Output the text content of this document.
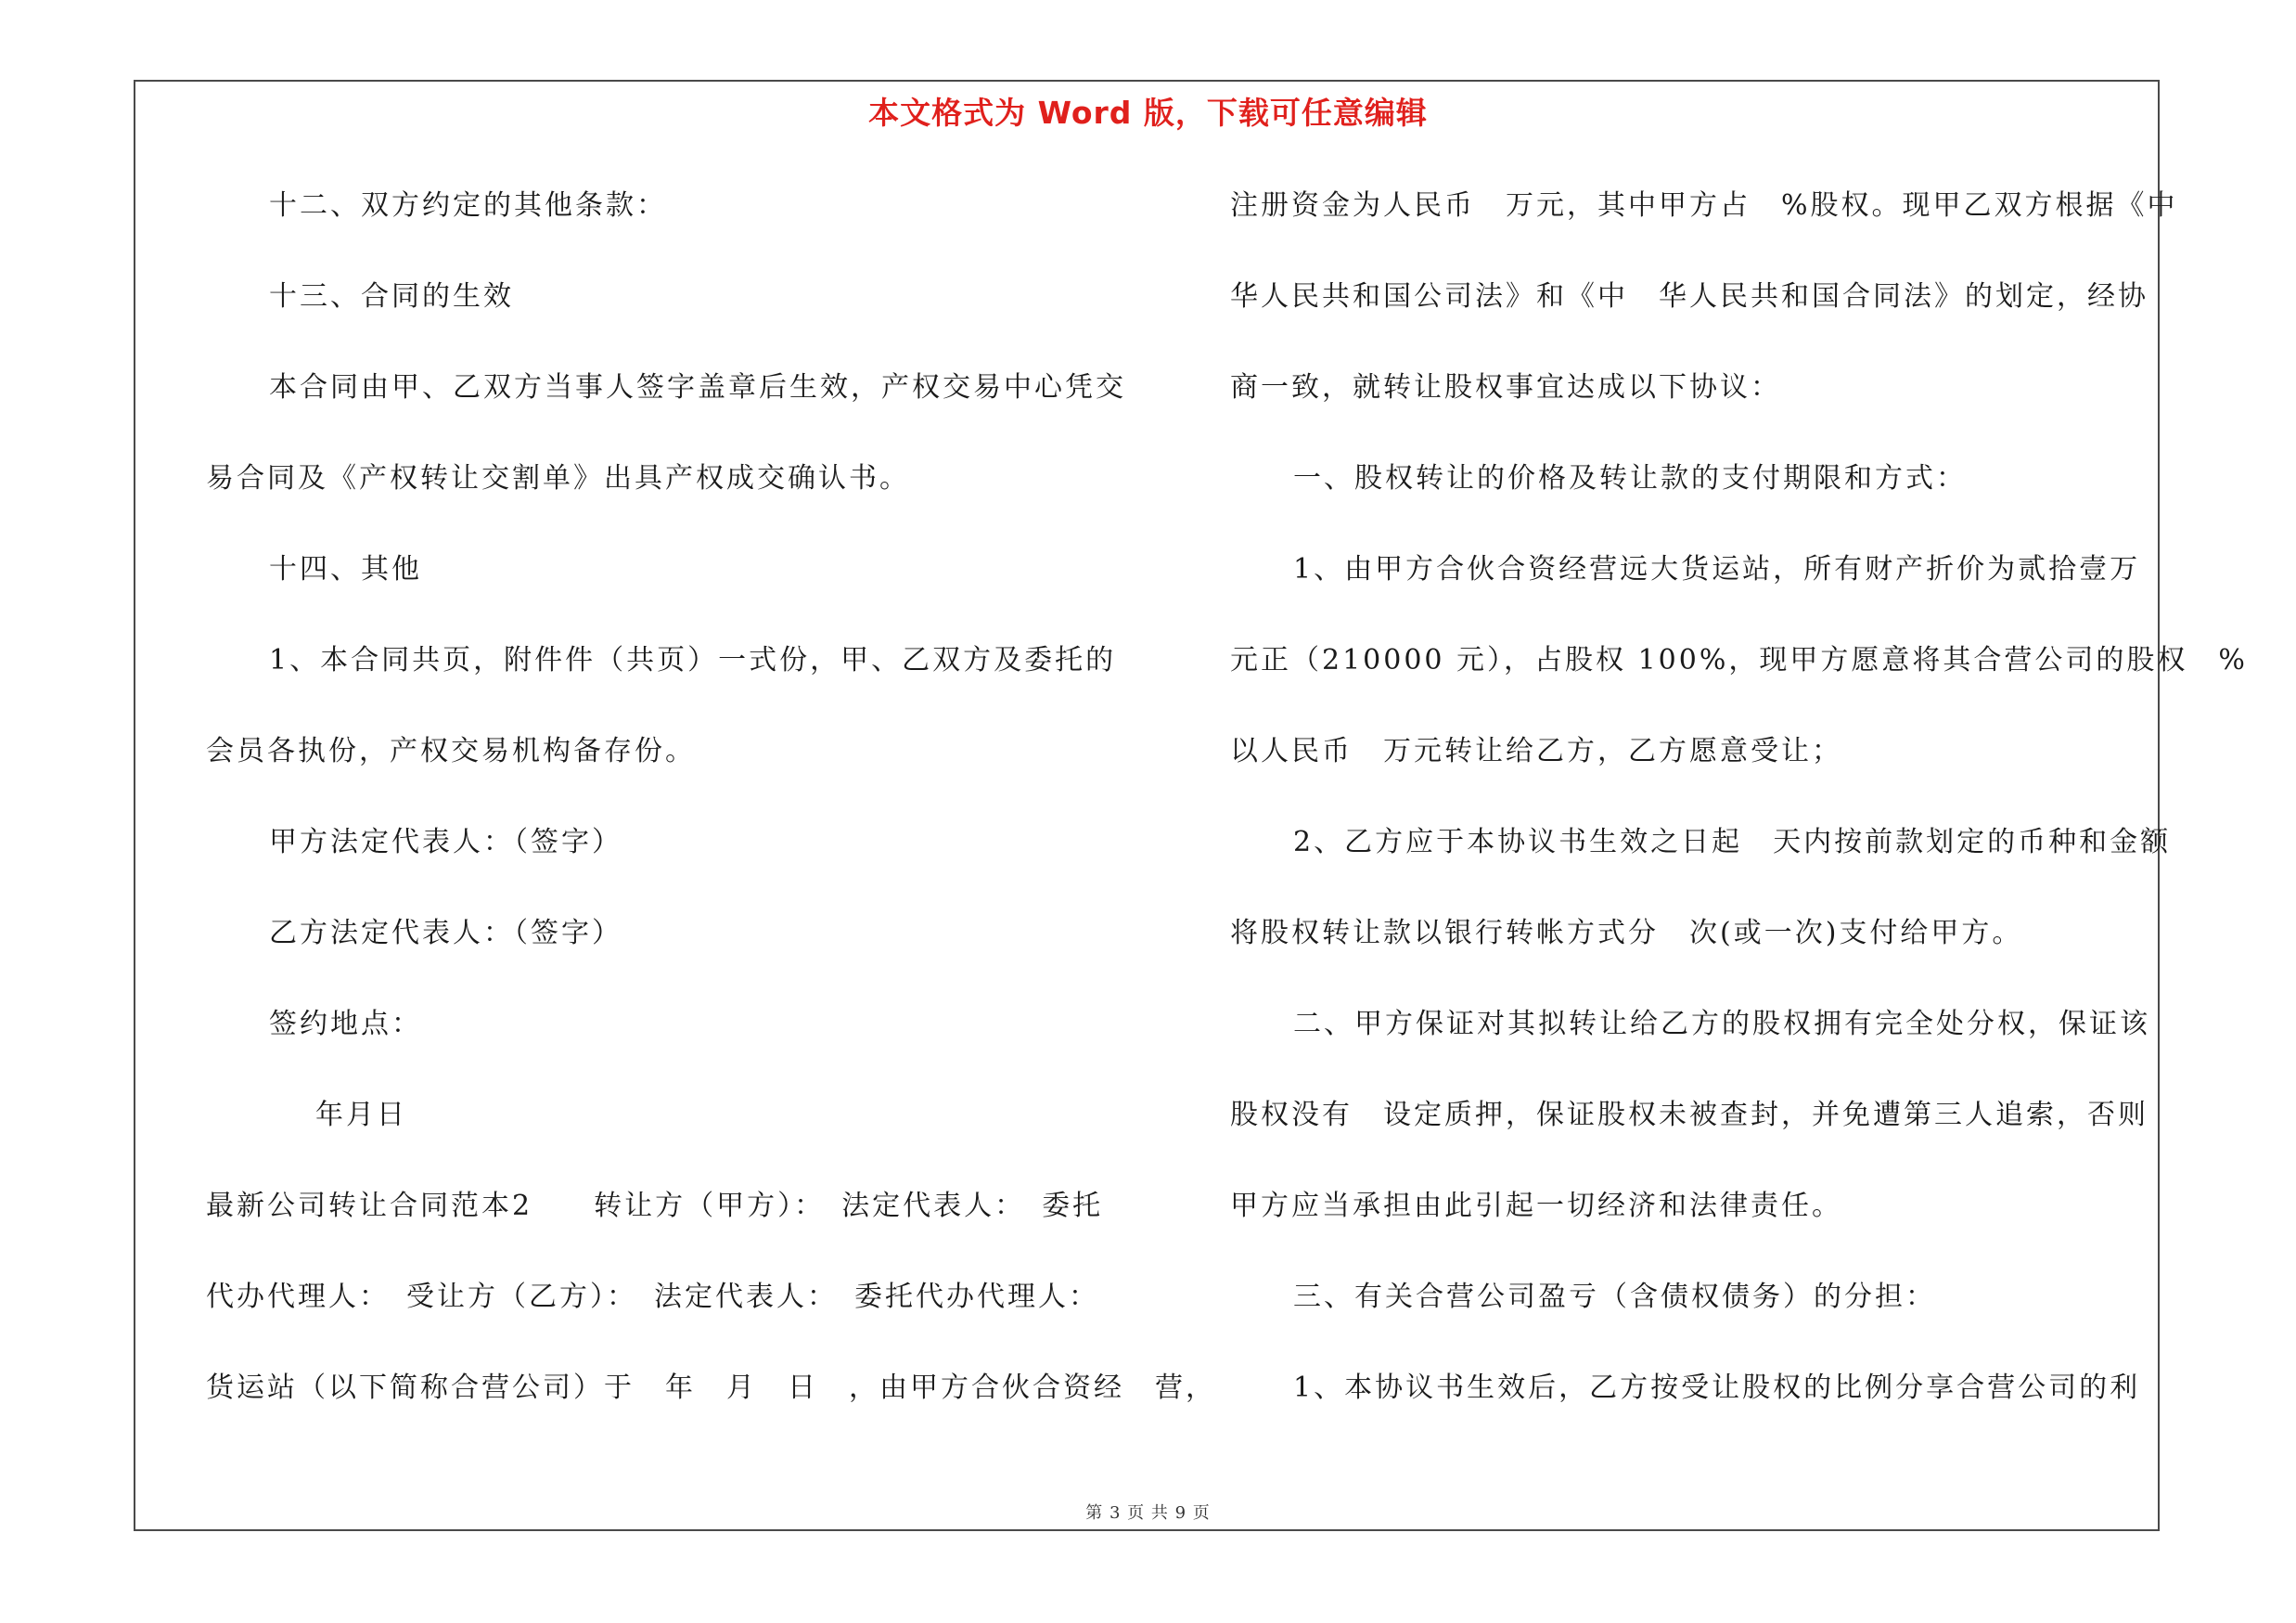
本文格式为 Word 版，下载可任意编辑
十二、双方约定的其他条款：
十三、合同的生效
本合同由甲、乙双方当事人签字盖章后生效，产权交易中心凭交
易合同及《产权转让交割单》出具产权成交确认书。
十四、其他
1、本合同共页，附件件（共页）一式份，甲、乙双方及委托的
会员各执份，产权交易机构备存份。
甲方法定代表人：（签字）
乙方法定代表人：（签字）
签约地点：
年月日
最新公司转让合同范本2　　转让方（甲方）：　法定代表人：　委托
代办代理人：　受让方（乙方）：　法定代表人：　委托代办代理人：
货运站（以下简称合营公司）于　年　月　日　，由甲方合伙合资经　营，
注册资金为人民币　万元，其中甲方占　%股权。现甲乙双方根据《中
华人民共和国公司法》和《中　华人民共和国合同法》的划定，经协
商一致，就转让股权事宜达成以下协议：
一、股权转让的价格及转让款的支付期限和方式：
1、由甲方合伙合资经营远大货运站，所有财产折价为贰拾壹万
元正（210000 元），占股权 100%，现甲方愿意将其合营公司的股权　%
以人民币　万元转让给乙方，乙方愿意受让；
2、乙方应于本协议书生效之日起　天内按前款划定的币种和金额
将股权转让款以银行转帐方式分　次(或一次)支付给甲方。
二、甲方保证对其拟转让给乙方的股权拥有完全处分权，保证该
股权没有　设定质押，保证股权未被查封，并免遭第三人追索，否则
甲方应当承担由此引起一切经济和法律责任。
三、有关合营公司盈亏（含债权债务）的分担：
1、本协议书生效后，乙方按受让股权的比例分享合营公司的利
第 3 页 共 9 页
